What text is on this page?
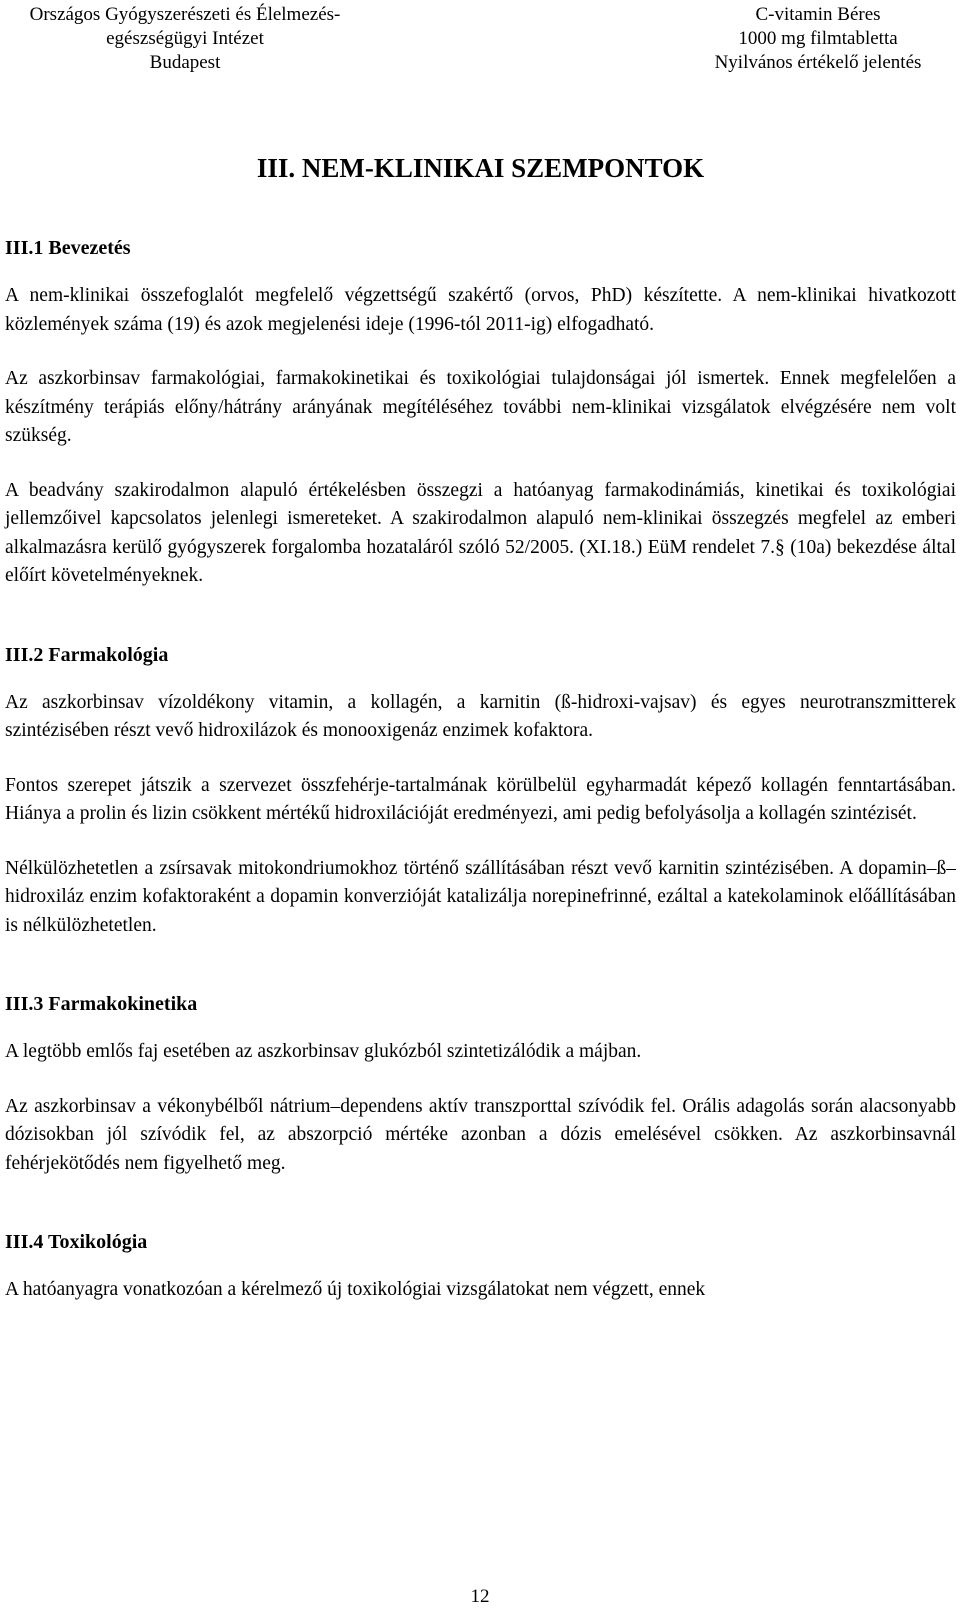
Országos Gyógyszerészeti és Élelmezés-
egészségügyi Intézet
Budapest
C-vitamin Béres
1000 mg filmtabletta
Nyilvános értékelő jelentés
III. NEM-KLINIKAI SZEMPONTOK
III.1 Bevezetés

A nem-klinikai összefoglalót megfelelő végzettségű szakértő (orvos, PhD) készítette. A nem-klinikai hivatkozott közlemények száma (19) és azok megjelenési ideje (1996-tól 2011-ig) elfogadható.

Az aszkorbinsav farmakológiai, farmakokinetikai és toxikológiai tulajdonságai jól ismertek. Ennek megfelelően a készítmény terápiás előny/hátrány arányának megítéléséhez további nem-klinikai vizsgálatok elvégzésére nem volt szükség.

A beadvány szakirodalmon alapuló értékelésben összegzi a hatóanyag farmakodinámiás, kinetikai és toxikológiai jellemzőivel kapcsolatos jelenlegi ismereteket. A szakirodalmon alapuló nem-klinikai összegzés megfelel az emberi alkalmazásra kerülő gyógyszerek forgalomba hozataláról szóló 52/2005. (XI.18.) EüM rendelet 7.§ (10a) bekezdése által előírt követelményeknek.

III.2 Farmakológia

Az aszkorbinsav vízoldékony vitamin, a kollagén, a karnitin (ß-hidroxi-vajsav) és egyes neurotranszmitterek szintézisében részt vevő hidroxilázok és monooxigenáz enzimek kofaktora.

Fontos szerepet játszik a szervezet összfehérje-tartalmának körülbelül egyharmadát képező kollagén fenntartásában. Hiánya a prolin és lizin csökkent mértékű hidroxilációját eredményezi, ami pedig befolyásolja a kollagén szintézisét.

Nélkülözhetetlen a zsírsavak mitokondriumokhoz történő szállításában részt vevő karnitin szintézisében. A dopamin–ß–hidroxiláz enzim kofaktoraként a dopamin konverzióját katalizálja norepinefrinné, ezáltal a katekolaminok előállításában is nélkülözhetetlen.

III.3 Farmakokinetika

A legtöbb emlős faj esetében az aszkorbinsav glukózból szintetizálódik a májban.

Az aszkorbinsav a vékonybélből nátrium–dependens aktív transzporttal szívódik fel. Orális adagolás során alacsonyabb dózisokban jól szívódik fel, az abszorpció mértéke azonban a dózis emelésével csökken. Az aszkorbinsavnál fehérjekötődés nem figyelhető meg.

III.4 Toxikológia

A hatóanyagra vonatkozóan a kérelmező új toxikológiai vizsgálatokat nem végzett, ennek

12
